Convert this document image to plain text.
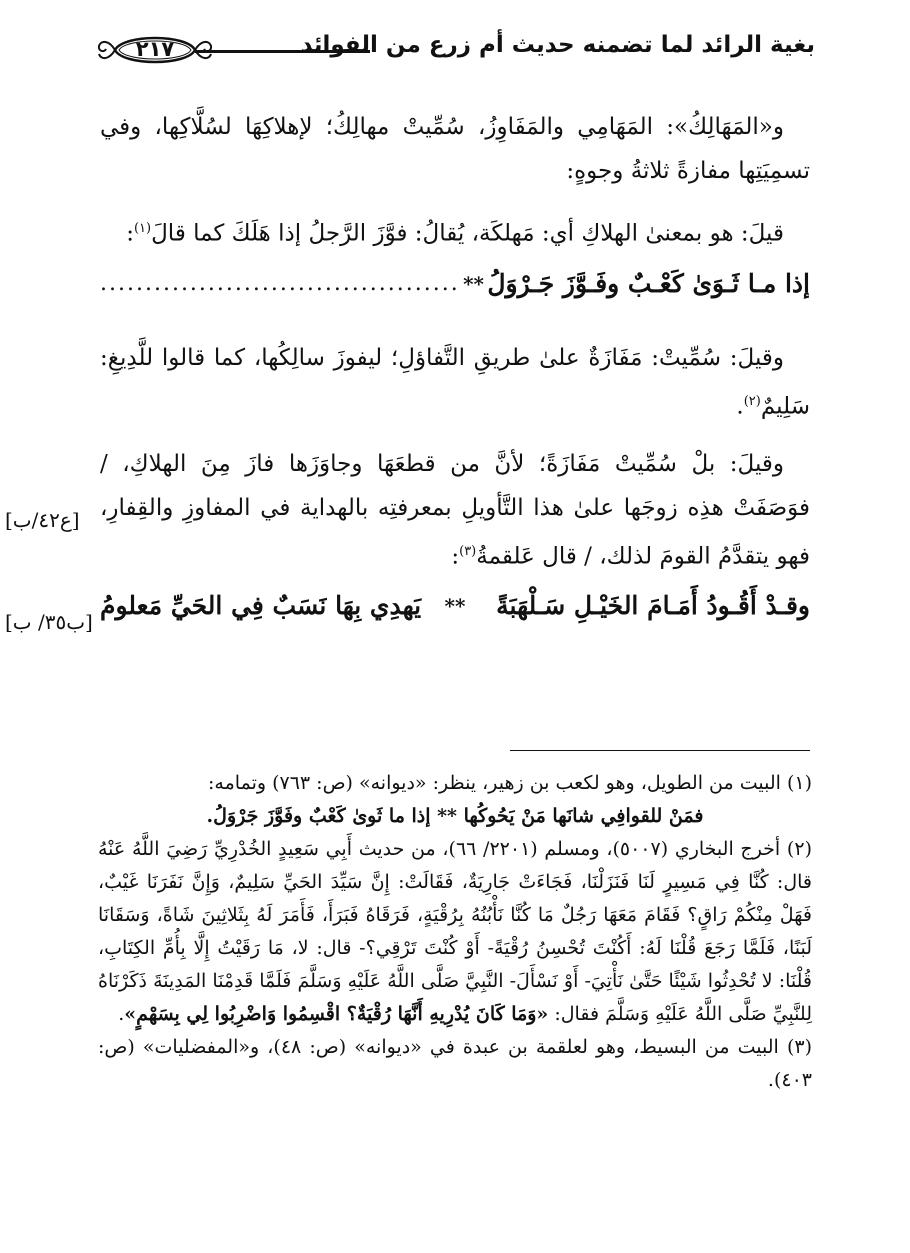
بغية الرائد لما تضمنه حديث أم زرع من الفوائد
٢١٧

و«المَهَالِكُ»: المَهَامِي والمَفَاوِزُ، سُمِّيتْ مهالِكُ؛ لإهلاكِهَا لسُلَّاكِها، وفي تسمِيَتِها مفازةً ثلاثةُ وجوهٍ:

قيلَ: هو بمعنىٰ الهلاكِ أي: مَهلكَة، يُقالُ: فوَّزَ الرَّجلُ إذا هَلَكَ كما قالَ$^{(١)}$:

إذا مـا ثَـوَىٰ كَعْـبٌ وفَـوَّزَ جَـرْوَلُ
**
........................................

وقيلَ: سُمِّيتْ: مَفَازَةٌ علىٰ طريقِ التَّفاؤلِ؛ ليفوزَ سالِكُها، كما قالوا للَّدِيغِ: سَلِيمٌ$^{(٢)}$.

وقيلَ: بلْ سُمِّيتْ مَفَازَةً؛ لأنَّ من قطعَهَا وجاوَزَها فازَ مِنَ الهلاكِ، / فوَصَفَتْ هذِه زوجَها علىٰ هذا التَّأويلِ بمعرفتِه بالهداية في المفاوزِ والقِفارِ، فهو يتقدَّمُ القومَ لذلك، / قال عَلقمةُ$^{(٣)}$:

وقـدْ أَقُـودُ أَمَـامَ الخَيْـلِ سَـلْهَبَةً
**
يَهدِي بِهَا نَسَبٌ فِي الحَيِّ مَعلومُ
[ع٤٢/ب]
[ب٣٥/ ب]

(١) البيت من الطويل، وهو لكعب بن زهير، ينظر: «ديوانه» (ص: ٧٦٣) وتمامه:

فمَنْ للقوافِي شانَها مَنْ يَحُوكُها ** إذا ما ثَوىٰ كَعْبٌ وفَوَّزَ جَرْوَلُ.

(٢) أخرج البخاري (٥٠٠٧)، ومسلم (٢٢٠١/ ٦٦)، من حديث أَبِي سَعِيدٍ الخُدْرِيِّ رَضِيَ اللَّهُ عَنْهُ قال: كُنَّا فِي مَسِيرٍ لَنَا فَنَزَلْنَا، فَجَاءَتْ جَارِيَةٌ، فَقَالَتْ: إِنَّ سَيِّدَ الحَيِّ سَلِيمٌ، وَإِنَّ نَفَرَنَا غَيْبٌ، فَهَلْ مِنْكُمْ رَاقٍ؟ فَقَامَ مَعَهَا رَجُلٌ مَا كُنَّا نَأْبُنُهُ بِرُقْيَةٍ، فَرَقَاهُ فَبَرَأَ، فَأَمَرَ لَهُ بِثَلاثِينَ شَاةً، وَسَقَانَا لَبَنًا، فَلَمَّا رَجَعَ قُلْنَا لَهُ: أَكُنْتَ تُحْسِنُ رُقْيَةً- أَوْ كُنْتَ تَرْقِي؟- قال: لا، مَا رَقَيْتُ إِلَّا بِأُمِّ الكِتَابِ، قُلْنَا: لا تُحْدِثُوا شَيْئًا حَتَّىٰ نَأْتِيَ- أَوْ نَسْأَلَ- النَّبِيَّ صَلَّى اللَّهُ عَلَيْهِ وَسَلَّمَ فَلَمَّا قَدِمْنَا المَدِينَةَ ذَكَرْنَاهُ لِلنَّبِيِّ صَلَّى اللَّهُ عَلَيْهِ وَسَلَّمَ فقال: «وَمَا كَانَ يُدْرِيهِ أَنَّهَا رُقْيَةٌ؟ اقْسِمُوا وَاضْرِبُوا لِي بِسَهْمٍ».

(٣) البيت من البسيط، وهو لعلقمة بن عبدة في «ديوانه» (ص: ٤٨)، و«المفضليات» (ص: ٤٠٣).
